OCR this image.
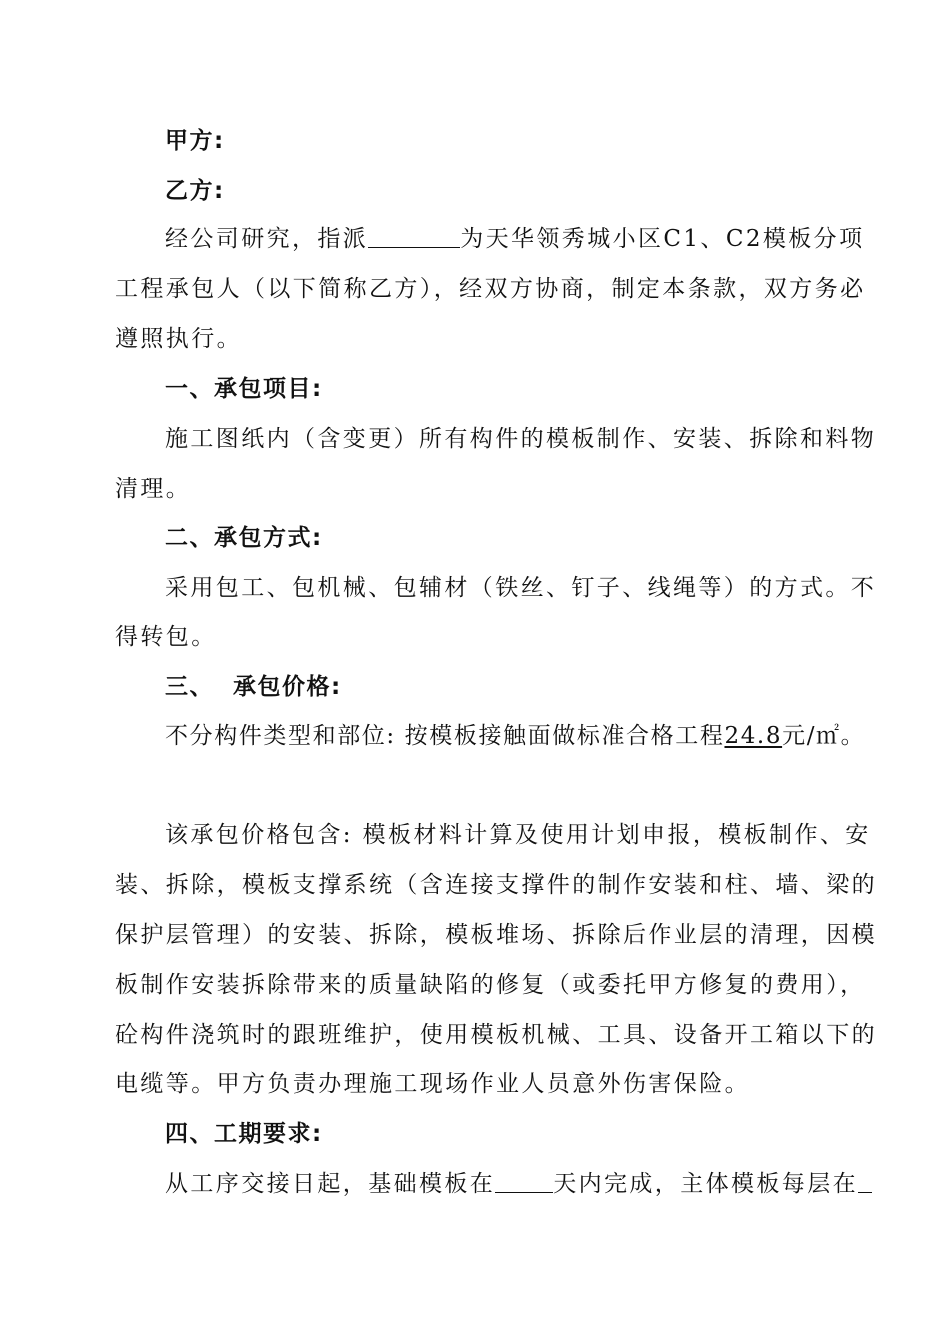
甲方:
乙方:
经公司研究，指派	为天华领秀城小区C1、C2模板分项
工程承包人（以下简称乙方），经双方协商，制定本条款，双方务必
遵照执行。
一、承包项目:
施工图纸内（含变更）所有构件的模板制作、安装、拆除和料物
清理。
二、承包方式:
采用包工、包机械、包辅材（铁丝、钉子、线绳等）的方式。不
得转包。
三、  承包价格:
不分构件类型和部位: 按模板接触面做标准合格工程24.8元/㎡。
该承包价格包含: 模板材料计算及使用计划申报，模板制作、安
装、拆除，模板支撑系统（含连接支撑件的制作安装和柱、墙、梁的
保护层管理）的安装、拆除，模板堆场、拆除后作业层的清理，因模
板制作安装拆除带来的质量缺陷的修复（或委托甲方修复的费用），
砼构件浇筑时的跟班维护，使用模板机械、工具、设备开工箱以下的
电缆等。甲方负责办理施工现场作业人员意外伤害保险。
四、工期要求:
从工序交接日起，基础模板在	天内完成，主体模板每层在
